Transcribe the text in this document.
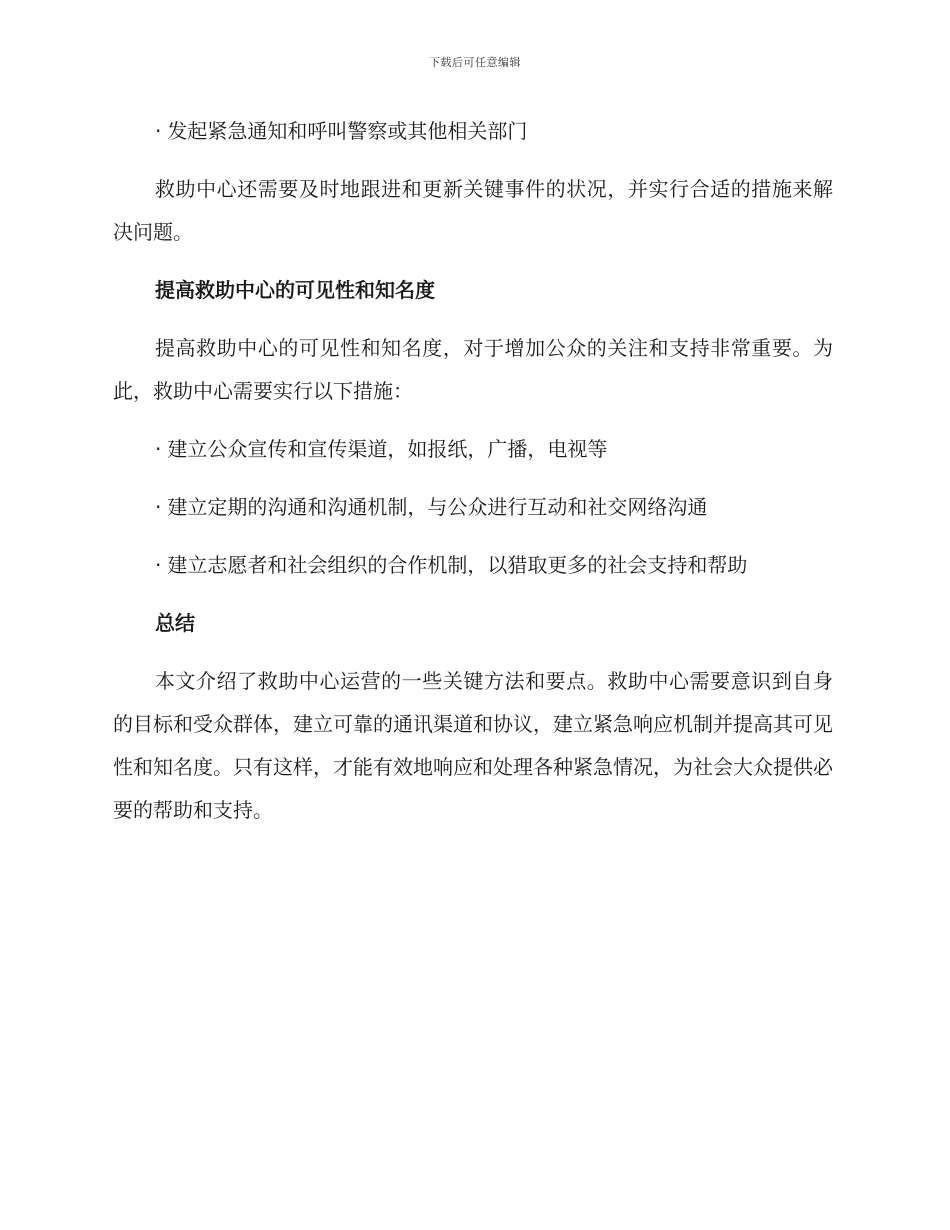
下载后可任意编辑

· 发起紧急通知和呼叫警察或其他相关部门

救助中心还需要及时地跟进和更新关键事件的状况，并实行合适的措施来解决问题。

提高救助中心的可见性和知名度

提高救助中心的可见性和知名度，对于增加公众的关注和支持非常重要。为此，救助中心需要实行以下措施：

· 建立公众宣传和宣传渠道，如报纸，广播，电视等

· 建立定期的沟通和沟通机制，与公众进行互动和社交网络沟通

· 建立志愿者和社会组织的合作机制，以猎取更多的社会支持和帮助

总结

本文介绍了救助中心运营的一些关键方法和要点。救助中心需要意识到自身的目标和受众群体，建立可靠的通讯渠道和协议，建立紧急响应机制并提高其可见性和知名度。只有这样，才能有效地响应和处理各种紧急情况，为社会大众提供必要的帮助和支持。
